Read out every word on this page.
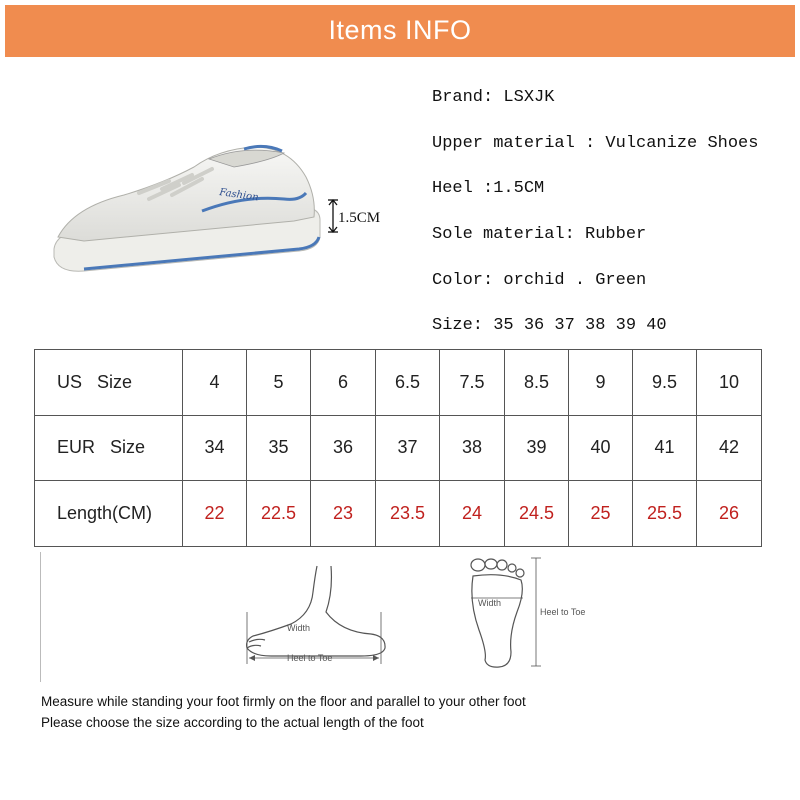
Items INFO
Fashion
1.5CM
Brand: LSXJK
Upper material : Vulcanize Shoes
Heel :1.5CM
Sole material: Rubber
Color: orchid . Green
Size: 35 36 37 38 39 40
US   Size	4	5	6	6.5	7.5	8.5	9	9.5	10
EUR   Size	34	35	36	37	38	39	40	41	42
Length(CM)	22	22.5	23	23.5	24	24.5	25	25.5	26
Width
Heel to Toe
Width
Heel to Toe
Measure while standing your foot firmly on the floor and parallel to your other foot
Please choose the size according to the actual length of the foot
